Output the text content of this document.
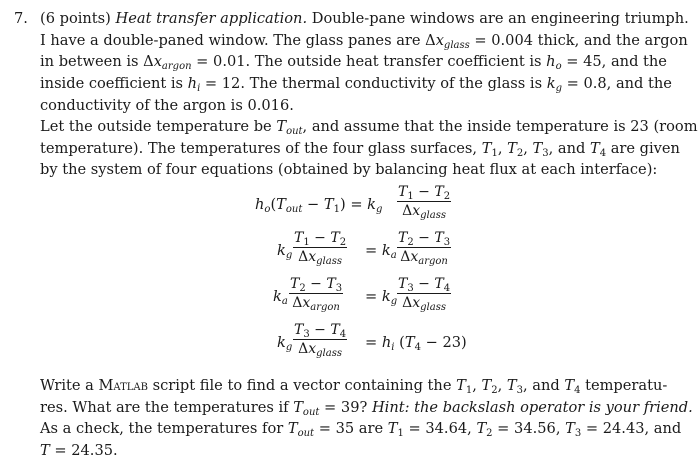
7. (6 points) Heat transfer application. Double-pane windows are an engineering triumph.
I have a double-paned window. The glass panes are $\Delta x_{glass} = 0.004$ thick, and the argon
in between is $\Delta x_{argon} = 0.01$. The outside heat transfer coefficient is $h_o = 45$, and the
inside coefficient is $h_i = 12$. The thermal conductivity of the glass is $k_g = 0.8$, and the
conductivity of the argon is 0.016.
Let the outside temperature be $T_{out}$, and assume that the inside temperature is 23 (room
temperature). The temperatures of the four glass surfaces, $T_1$, $T_2$, $T_3$, and $T_4$ are given
by the system of four equations (obtained by balancing heat flux at each interface):
$h_o(T_{out} - T_1) = k_g$
$T_1 - T_2$
$\Delta x_{glass}$
$k_g$
$T_1 - T_2$
$\Delta x_{glass}$
= $k_a$
$T_2 - T_3$
$\Delta x_{argon}$
$k_a$
$T_2 - T_3$
$\Delta x_{argon}$
= $k_g$
$T_3 - T_4$
$\Delta x_{glass}$
$k_g$
$T_3 - T_4$
$\Delta x_{glass}$
= $h_i$ $(T_4 - 23)$
Write a Matlab script file to find a vector containing the $T_1$, $T_2$, $T_3$, and $T_4$ temperatu-
res. What are the temperatures if $T_{out} = 39$? Hint: the backslash operator is your friend.
As a check, the temperatures for $T_{out} = 35$ are $T_1 = 34.64$, $T_2 = 34.56$, $T_3 = 24.43$, and
T = 24.35.
